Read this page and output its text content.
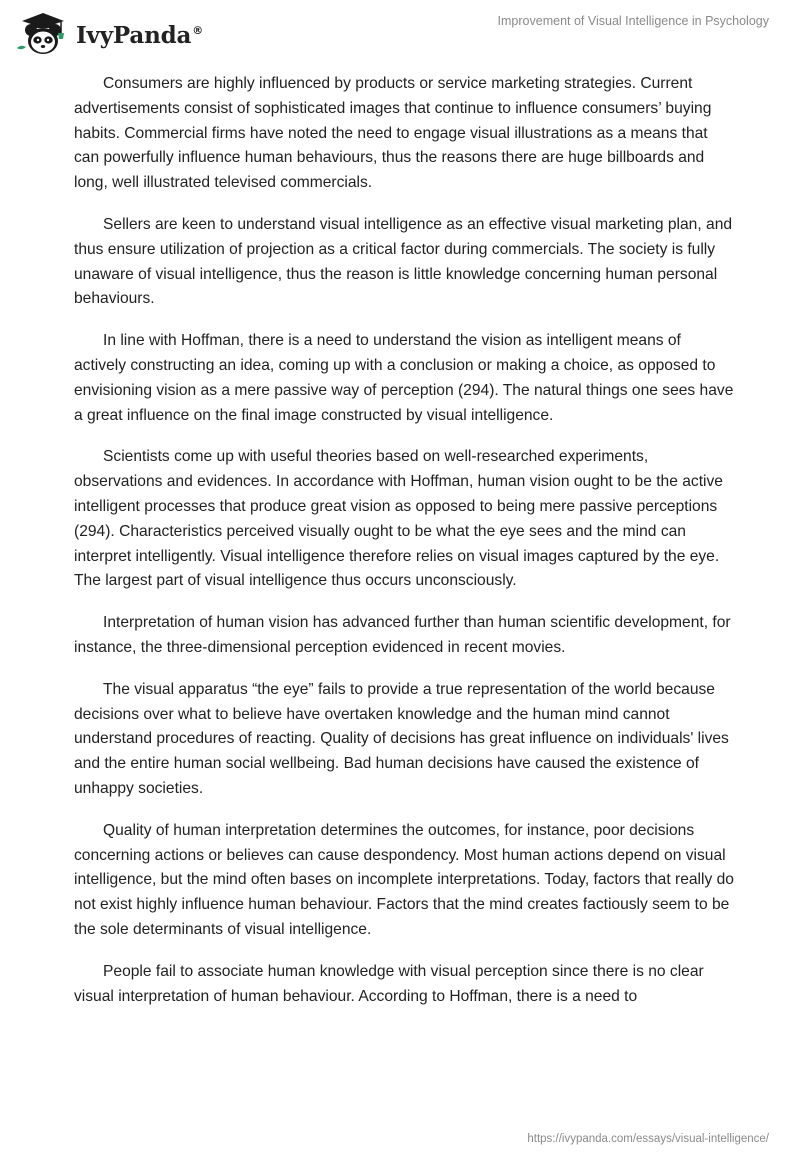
IvyPanda®
Improvement of Visual Intelligence in Psychology

Consumers are highly influenced by products or service marketing strategies. Current advertisements consist of sophisticated images that continue to influence consumers’ buying habits. Commercial firms have noted the need to engage visual illustrations as a means that can powerfully influence human behaviours, thus the reasons there are huge billboards and long, well illustrated televised commercials.

Sellers are keen to understand visual intelligence as an effective visual marketing plan, and thus ensure utilization of projection as a critical factor during commercials. The society is fully unaware of visual intelligence, thus the reason is little knowledge concerning human personal behaviours.

In line with Hoffman, there is a need to understand the vision as intelligent means of actively constructing an idea, coming up with a conclusion or making a choice, as opposed to envisioning vision as a mere passive way of perception (294). The natural things one sees have a great influence on the final image constructed by visual intelligence.

Scientists come up with useful theories based on well-researched experiments, observations and evidences. In accordance with Hoffman, human vision ought to be the active intelligent processes that produce great vision as opposed to being mere passive perceptions (294). Characteristics perceived visually ought to be what the eye sees and the mind can interpret intelligently. Visual intelligence therefore relies on visual images captured by the eye. The largest part of visual intelligence thus occurs unconsciously.

Interpretation of human vision has advanced further than human scientific development, for instance, the three-dimensional perception evidenced in recent movies.

The visual apparatus “the eye” fails to provide a true representation of the world because decisions over what to believe have overtaken knowledge and the human mind cannot understand procedures of reacting. Quality of decisions has great influence on individuals' lives and the entire human social wellbeing. Bad human decisions have caused the existence of unhappy societies.

Quality of human interpretation determines the outcomes, for instance, poor decisions concerning actions or believes can cause despondency. Most human actions depend on visual intelligence, but the mind often bases on incomplete interpretations. Today, factors that really do not exist highly influence human behaviour. Factors that the mind creates factiously seem to be the sole determinants of visual intelligence.

People fail to associate human knowledge with visual perception since there is no clear visual interpretation of human behaviour. According to Hoffman, there is a need to

https://ivypanda.com/essays/visual-intelligence/
